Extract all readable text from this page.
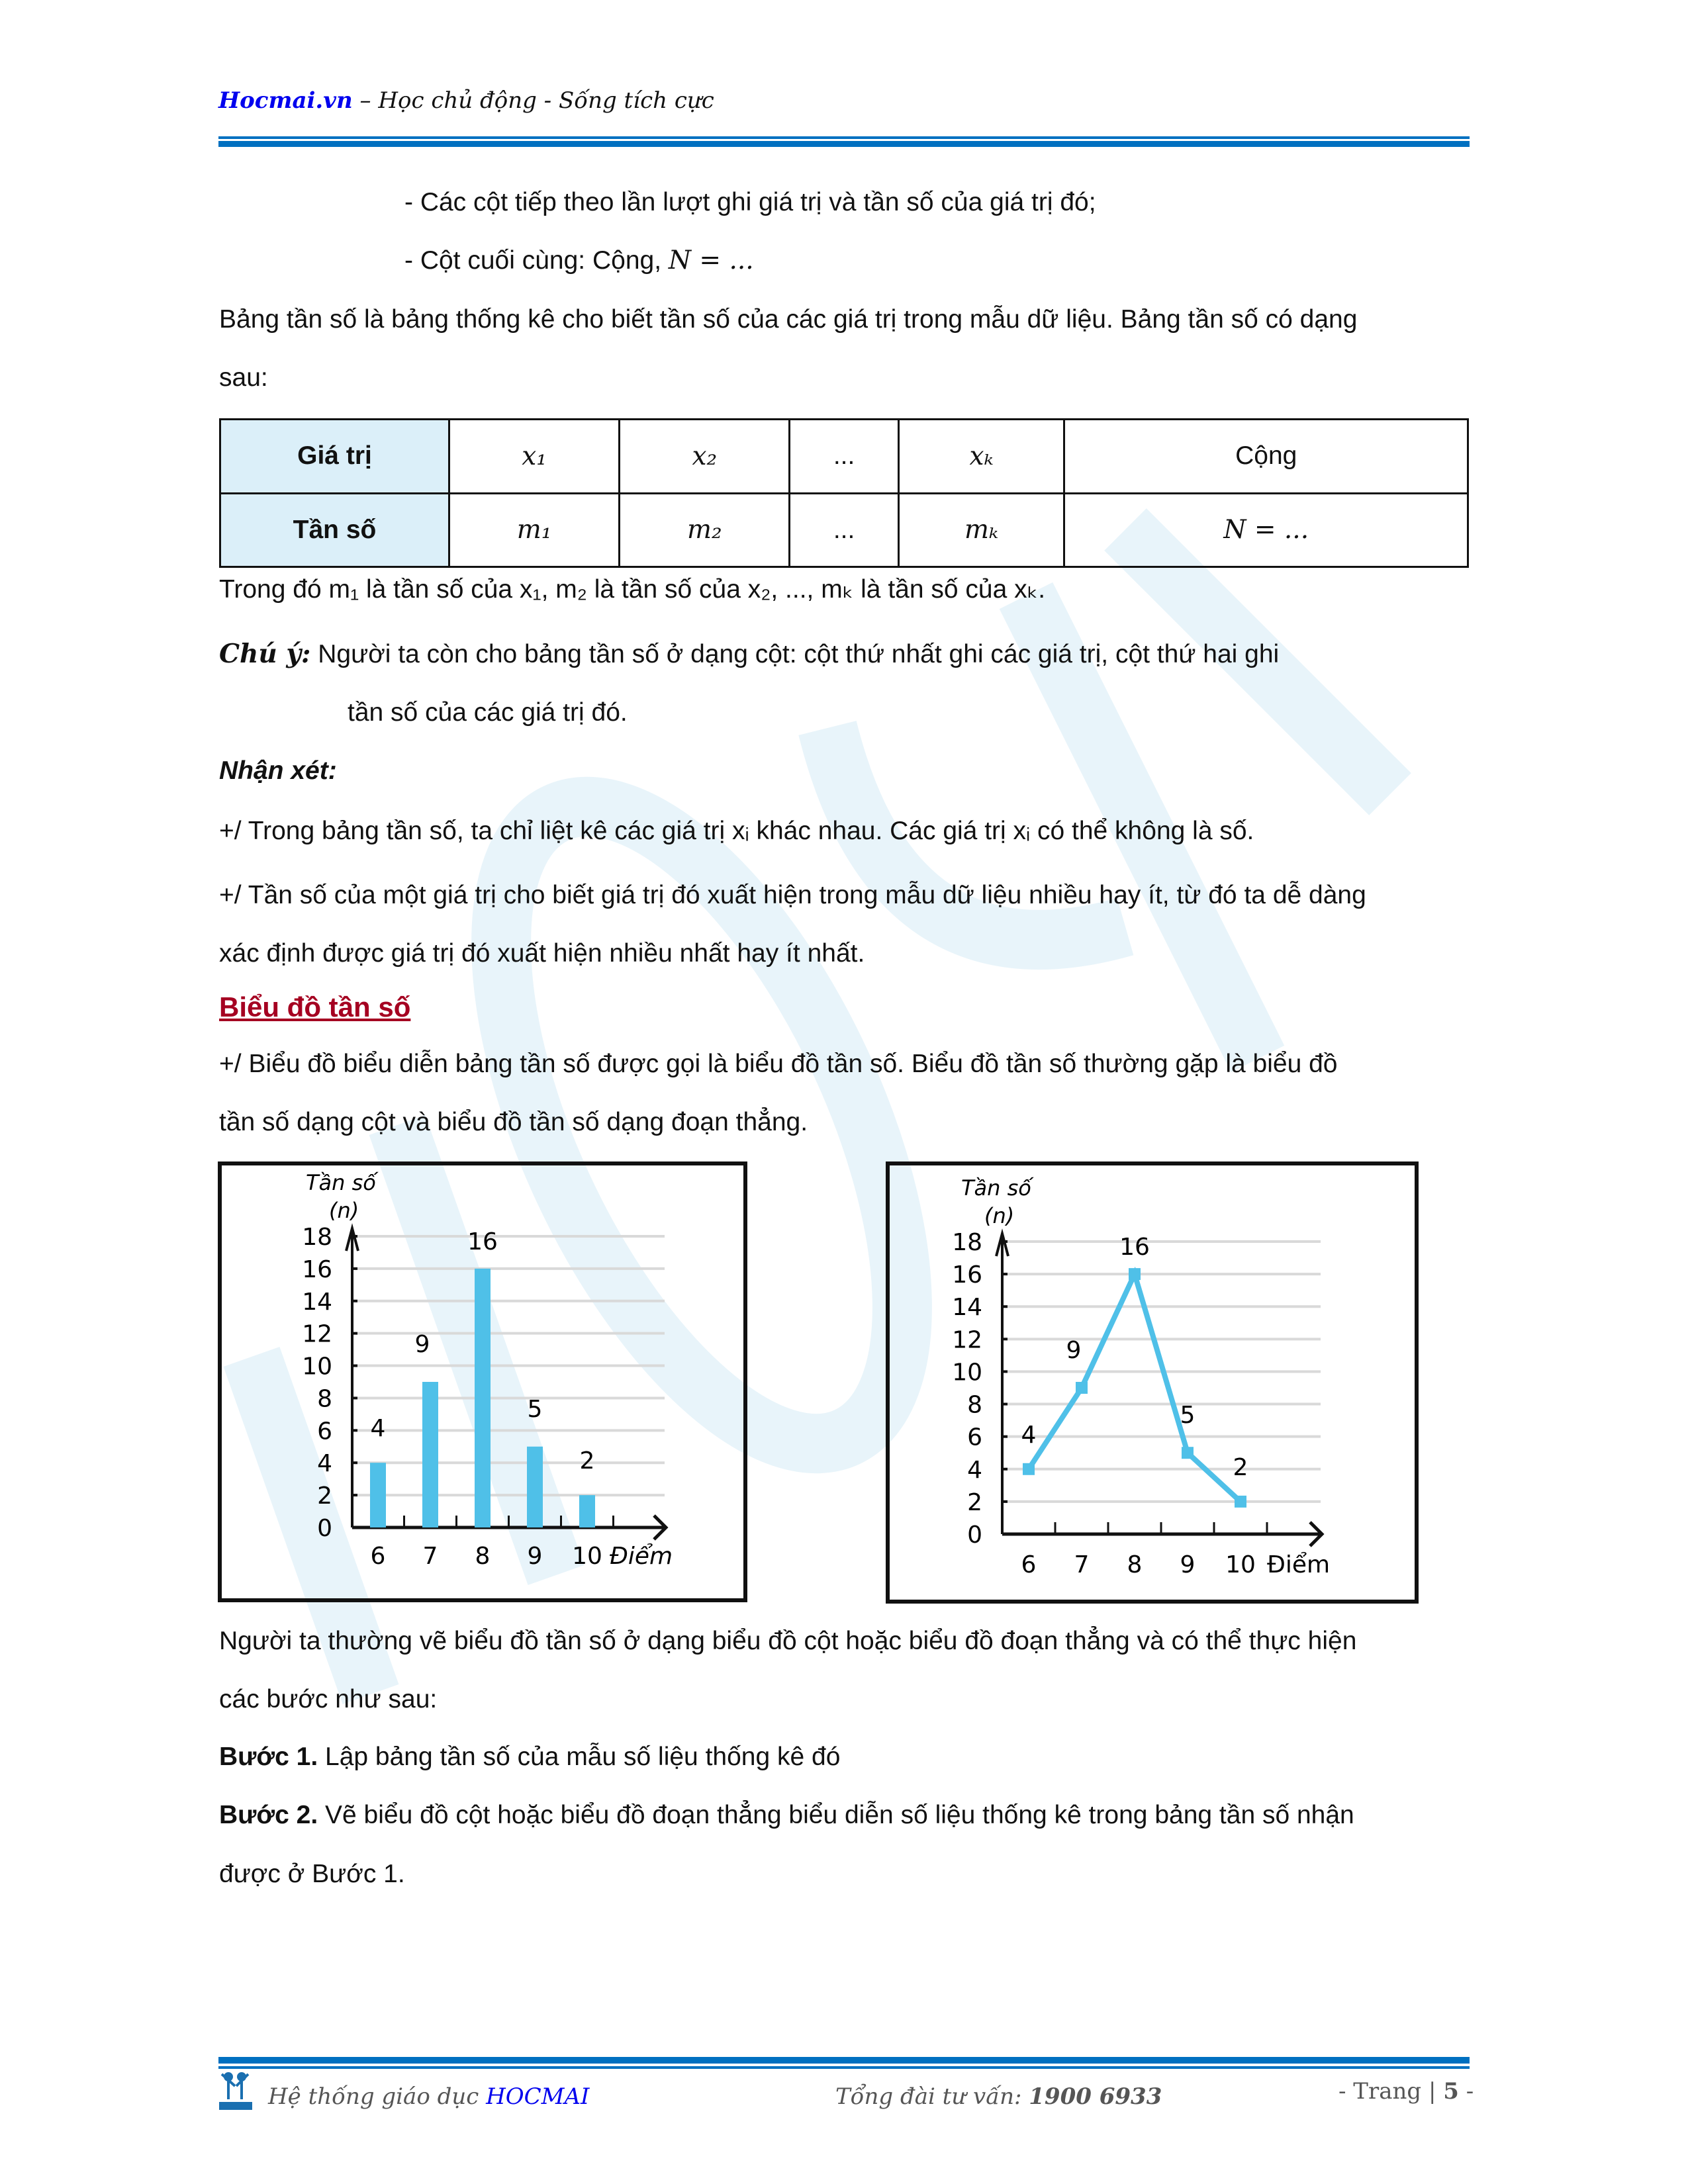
Hocmai.vn – Học chủ động - Sống tích cực
- Các cột tiếp theo lần lượt ghi giá trị và tần số của giá trị đó;
- Cột cuối cùng: Cộng, N = ...
Bảng tần số là bảng thống kê cho biết tần số của các giá trị trong mẫu dữ liệu. Bảng tần số có dạng
sau:
Giá trị	x₁	x₂	...	xₖ	Cộng
Tần số	m₁	m₂	...	mₖ	N = ...
Trong đó m₁ là tần số của x₁, m₂ là tần số của x₂, ..., mₖ là tần số của xₖ.
Chú ý: Người ta còn cho bảng tần số ở dạng cột: cột thứ nhất ghi các giá trị, cột thứ hai ghi
tần số của các giá trị đó.
Nhận xét:
+/ Trong bảng tần số, ta chỉ liệt kê các giá trị xᵢ khác nhau. Các giá trị xᵢ có thể không là số.
+/ Tần số của một giá trị cho biết giá trị đó xuất hiện trong mẫu dữ liệu nhiều hay ít, từ đó ta dễ dàng
xác định được giá trị đó xuất hiện nhiều nhất hay ít nhất.
Biểu đồ tần số
+/ Biểu đồ biểu diễn bảng tần số được gọi là biểu đồ tần số. Biểu đồ tần số thường gặp là biểu đồ
tần số dạng cột và biểu đồ tần số dạng đoạn thẳng.
Người ta thường vẽ biểu đồ tần số ở dạng biểu đồ cột hoặc biểu đồ đoạn thẳng và có thể thực hiện
các bước như sau:
Bước 1. Lập bảng tần số của mẫu số liệu thống kê đó
Bước 2. Vẽ biểu đồ cột hoặc biểu đồ đoạn thẳng biểu diễn số liệu thống kê trong bảng tần số nhận
được ở Bước 1.
Hệ thống giáo dục HOCMAI	Tổng đài tư vấn: 1900 6933	- Trang | 5 -
0
2
4
6
8
10
12
14
16
18
Tần số
(n)
6 7 8 9 10
4
9
16
5
2
Điểm
0
2
4
6
8
10
12
14
16
18
Tần số
(n)
6 7 8 9 10
4
9
16
5
2
Điểm
